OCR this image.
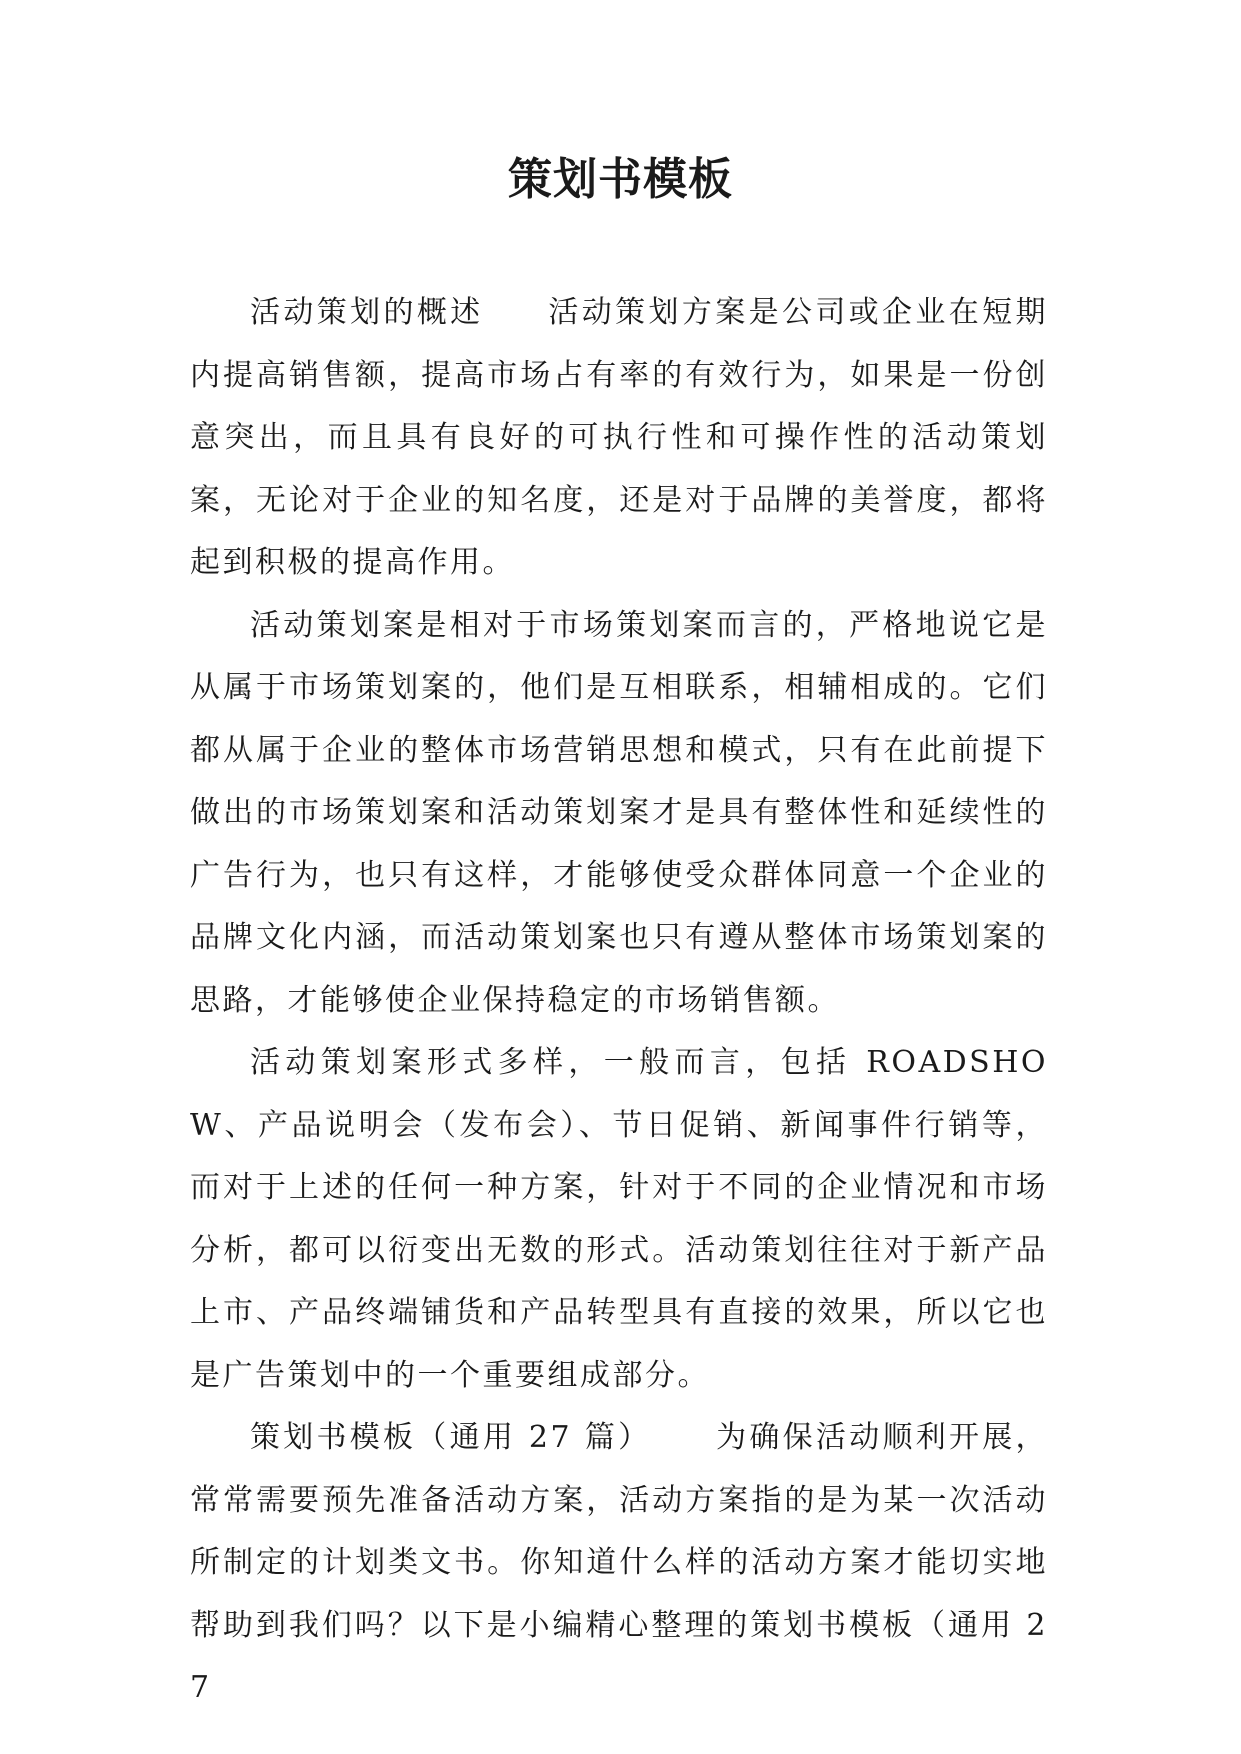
策划书模板

活动策划的概述 活动策划方案是公司或企业在短期内提高销售额，提高市场占有率的有效行为，如果是一份创意突出，而且具有良好的可执行性和可操作性的活动策划案，无论对于企业的知名度，还是对于品牌的美誉度，都将起到积极的提高作用。

活动策划案是相对于市场策划案而言的，严格地说它是从属于市场策划案的，他们是互相联系，相辅相成的。它们都从属于企业的整体市场营销思想和模式，只有在此前提下做出的市场策划案和活动策划案才是具有整体性和延续性的广告行为，也只有这样，才能够使受众群体同意一个企业的品牌文化内涵，而活动策划案也只有遵从整体市场策划案的思路，才能够使企业保持稳定的市场销售额。

活动策划案形式多样，一般而言，包括 ROADSHOW、产品说明会（发布会）、节日促销、新闻事件行销等，而对于上述的任何一种方案，针对于不同的企业情况和市场分析，都可以衍变出无数的形式。活动策划往往对于新产品上市、产品终端铺货和产品转型具有直接的效果，所以它也是广告策划中的一个重要组成部分。

策划书模板（通用 27 篇） 为确保活动顺利开展，常常需要预先准备活动方案，活动方案指的是为某一次活动所制定的计划类文书。你知道什么样的活动方案才能切实地帮助到我们吗？以下是小编精心整理的策划书模板（通用 27
